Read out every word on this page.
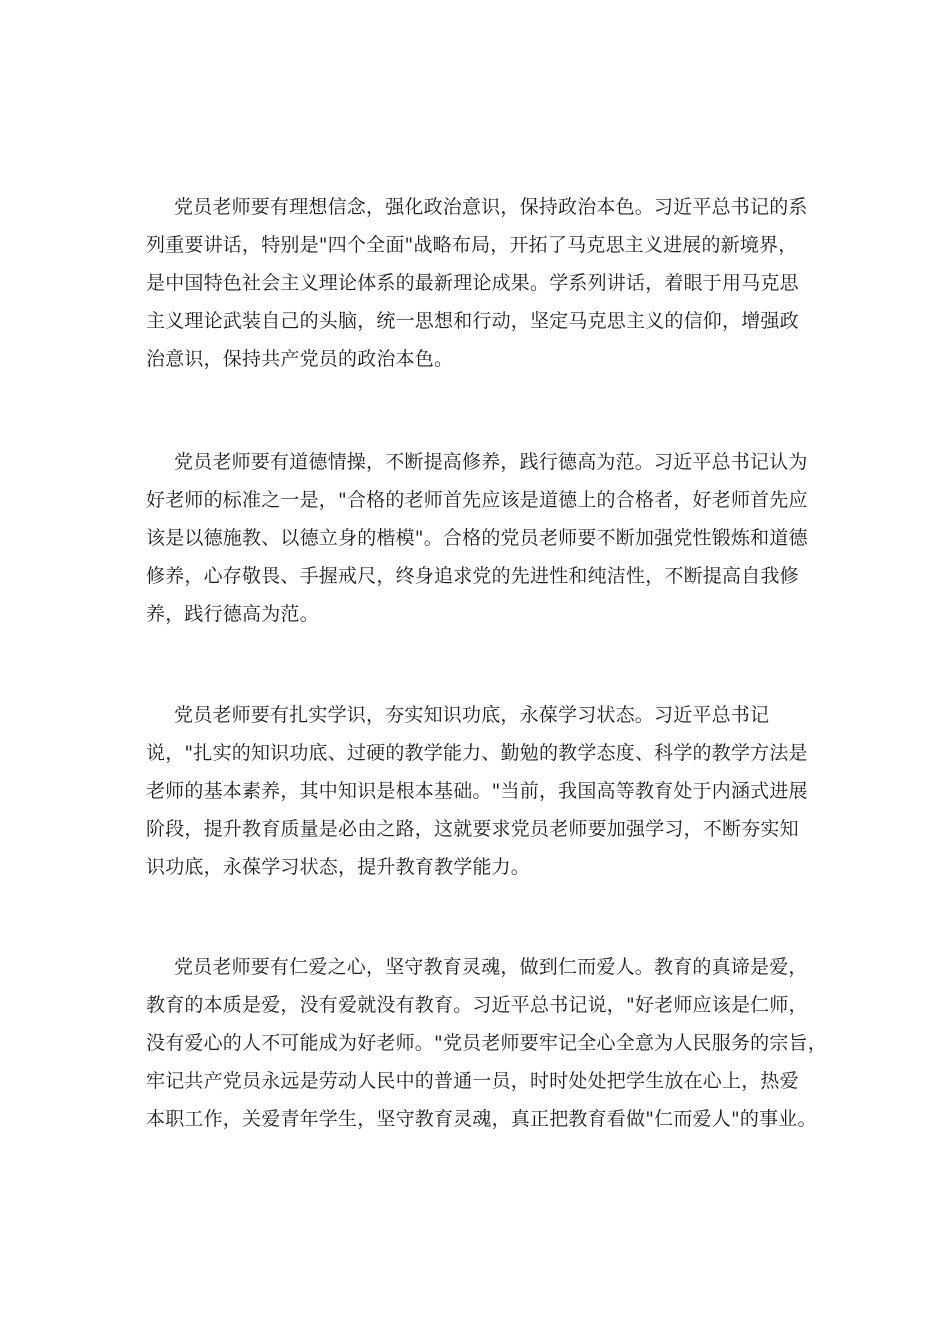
党员老师要有理想信念，强化政治意识，保持政治本色。习近平总书记的系
列重要讲话，特别是"四个全面"战略布局，开拓了马克思主义进展的新境界，
是中国特色社会主义理论体系的最新理论成果。学系列讲话，着眼于用马克思
主义理论武装自己的头脑，统一思想和行动，坚定马克思主义的信仰，增强政
治意识，保持共产党员的政治本色。
党员老师要有道德情操，不断提高修养，践行德高为范。习近平总书记认为
好老师的标准之一是，"合格的老师首先应该是道德上的合格者，好老师首先应
该是以德施教、以德立身的楷模"。合格的党员老师要不断加强党性锻炼和道德
修养，心存敬畏、手握戒尺，终身追求党的先进性和纯洁性，不断提高自我修
养，践行德高为范。
党员老师要有扎实学识，夯实知识功底，永葆学习状态。习近平总书记
说，"扎实的知识功底、过硬的教学能力、勤勉的教学态度、科学的教学方法是
老师的基本素养，其中知识是根本基础。"当前，我国高等教育处于内涵式进展
阶段，提升教育质量是必由之路，这就要求党员老师要加强学习，不断夯实知
识功底，永葆学习状态，提升教育教学能力。
党员老师要有仁爱之心，坚守教育灵魂，做到仁而爱人。教育的真谛是爱，
教育的本质是爱，没有爱就没有教育。习近平总书记说，"好老师应该是仁师，
没有爱心的人不可能成为好老师。"党员老师要牢记全心全意为人民服务的宗旨，
牢记共产党员永远是劳动人民中的普通一员，时时处处把学生放在心上，热爱
本职工作，关爱青年学生，坚守教育灵魂，真正把教育看做"仁而爱人"的事业。
